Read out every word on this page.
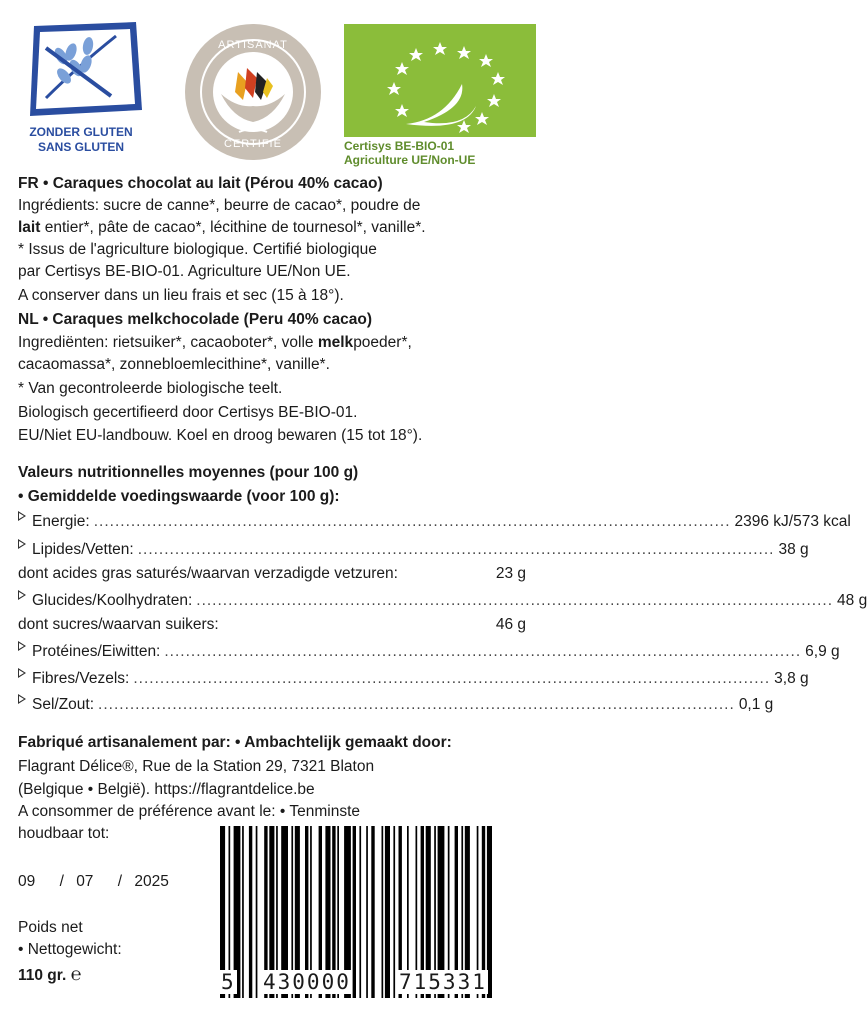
ZONDER GLUTEN
SANS GLUTEN
ARTISANAT
CERTIFIÉ	Certisys BE-BIO-01
Agriculture UE/Non-UE
FR • Caraques chocolat au lait (Pérou 40% cacao)
Ingrédients: sucre de canne*, beurre de cacao*, poudre de
lait entier*, pâte de cacao*, lécithine de tournesol*, vanille*.
* Issus de l'agriculture biologique. Certifié biologique
par Certisys BE-BIO-01. Agriculture UE/Non UE.
A conserver dans un lieu frais et sec (15 à 18°).
NL • Caraques melkchocolade (Peru 40% cacao)
Ingrediënten: rietsuiker*, cacaoboter*, volle melkpoeder*,
cacaomassa*, zonnebloemlecithine*, vanille*.
* Van gecontroleerde biologische teelt.
Biologisch gecertifieerd door Certisys BE-BIO-01.
EU/Niet EU-landbouw. Koel en droog bewaren (15 tot 18°).
Valeurs nutritionnelles moyennes (pour 100 g)
• Gemiddelde voedingswaarde (voor 100 g):
Energie: ........................................................................................................................ 2396 kJ/573 kcal
Lipides/Vetten: ........................................................................................................................ 38 g
dont acides gras saturés/waarvan verzadigde vetzuren:	23 g
Glucides/Koolhydraten: ........................................................................................................................ 48 g
dont sucres/waarvan suikers:	46 g
Protéines/Eiwitten: ........................................................................................................................ 6,9 g
Fibres/Vezels: ........................................................................................................................ 3,8 g
Sel/Zout: ........................................................................................................................ 0,1 g
Fabriqué artisanalement par: • Ambachtelijk gemaakt door:
Flagrant Délice®, Rue de la Station 29, 7321 Blaton
(Belgique • België). https://flagrantdelice.be
A consommer de préférence avant le: • Tenminste
houdbaar tot:
09 / 07 / 2025
Poids net
• Nettogewicht:
110 gr. ℮	5 430000 715331
